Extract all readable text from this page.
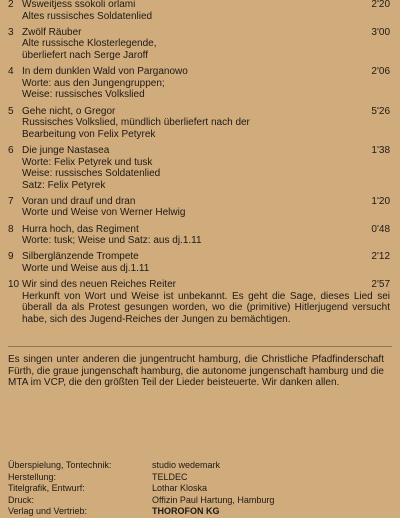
2 Wsweitjess ssokoli orlami	2'20
Altes russisches Soldatenlied
3 Zwölf Räuber	3'00
Alte russische Klosterlegende,
überliefert nach Serge Jaroff
4 In dem dunklen Wald von Parganowo	2'06
Worte: aus den Jungengruppen;
Weise: russisches Volkslied
5 Gehe nicht, o Gregor	5'26
Russisches Volkslied, mündlich überliefert nach der
Bearbeitung von Felix Petyrek
6 Die junge Nastasea	1'38
Worte: Felix Petyrek und tusk
Weise: russisches Soldatenlied
Satz: Felix Petyrek
7 Voran und drauf und dran	1'20
Worte und Weise von Werner Helwig
8 Hurra hoch, das Regiment	0'48
Worte: tusk; Weise und Satz: aus dj.1.11
9 Silberglänzende Trompete	2'12
Worte und Weise aus dj.1.11
10 Wir sind des neuen Reiches Reiter	2'57
Herkunft von Wort und Weise ist unbekannt. Es geht die Sage, dieses Lied sei überall da als Protest gesungen worden, wo die (primitive) Hitlerjugend versucht habe, sich des Jugend-Reiches der Jungen zu bemächtigen.
Es singen unter anderen die jungentrucht hamburg, die Christliche Pfadfinderschaft Fürth, die graue jungenschaft hamburg, die autonome jungenschaft hamburg und die MTA im VCP, die den größten Teil der Lieder beisteuerte. Wir danken allen.
Überspielung, Tontechnik:	studio wedemark
Herstellung:	TELDEC
Titelgrafik, Entwurf:	Lothar Kloska
Druck:	Offizin Paul Hartung, Hamburg
Verlag und Vertrieb:	THOROFON KG
